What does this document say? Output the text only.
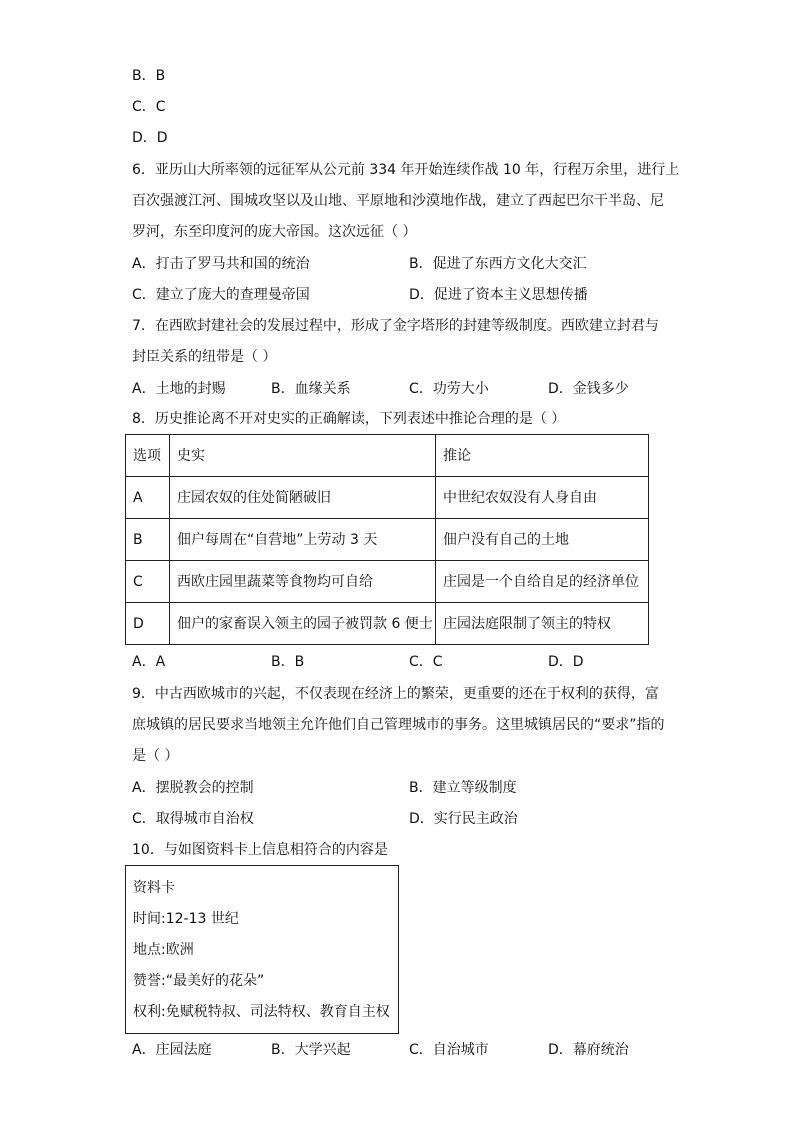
B．B
C．C
D．D
6．亚历山大所率领的远征军从公元前 334 年开始连续作战 10 年，行程万余里，进行上
百次强渡江河、围城攻坚以及山地、平原地和沙漠地作战，建立了西起巴尔干半岛、尼
罗河，东至印度河的庞大帝国。这次远征（ ）
A．打击了罗马共和国的统治	B．促进了东西方文化大交汇
C．建立了庞大的查理曼帝国	D．促进了资本主义思想传播
7．在西欧封建社会的发展过程中，形成了金字塔形的封建等级制度。西欧建立封君与
封臣关系的纽带是（ ）
A．土地的封赐	B．血缘关系	C．功劳大小	D．金钱多少
8．历史推论离不开对史实的正确解读，下列表述中推论合理的是（ ）
选项	史实	推论
A	庄园农奴的住处简陋破旧	中世纪农奴没有人身自由
B	佃户每周在“自营地”上劳动 3 天	佃户没有自己的土地
C	西欧庄园里蔬菜等食物均可自给	庄园是一个自给自足的经济单位
D	佃户的家畜误入领主的园子被罚款 6 便士	庄园法庭限制了领主的特权
A．A	B．B	C．C	D．D
9．中古西欧城市的兴起，不仅表现在经济上的繁荣，更重要的还在于权利的获得，富
庶城镇的居民要求当地领主允许他们自己管理城市的事务。这里城镇居民的“要求”指的
是（ ）
A．摆脱教会的控制	B．建立等级制度
C．取得城市自治权	D．实行民主政治
10．与如图资料卡上信息相符合的内容是
资料卡
时间:12-13 世纪
地点:欧洲
赞誉:“最美好的花朵”
权利:免赋税特叔、司法特权、教育自主权
A．庄园法庭	B．大学兴起	C．自治城市	D．幕府统治
